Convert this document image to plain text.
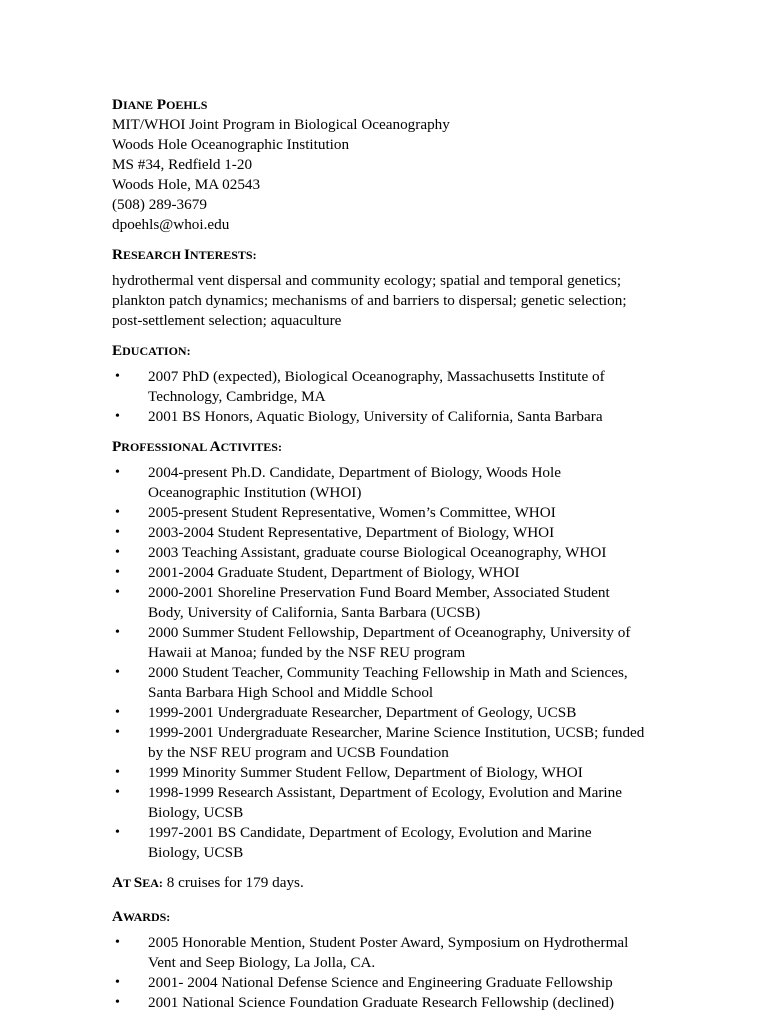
DIANE POEHLS
MIT/WHOI Joint Program in Biological Oceanography
Woods Hole Oceanographic Institution
MS #34, Redfield 1-20
Woods Hole, MA 02543
(508) 289-3679
dpoehls@whoi.edu
RESEARCH INTERESTS:
hydrothermal vent dispersal and community ecology; spatial and temporal genetics;
plankton patch dynamics; mechanisms of and barriers to dispersal; genetic selection;
post-settlement selection; aquaculture
EDUCATION:
• 2007 PhD (expected), Biological Oceanography, Massachusetts Institute of
Technology, Cambridge, MA
• 2001 BS Honors, Aquatic Biology, University of California, Santa Barbara
PROFESSIONAL ACTIVITES:
• 2004-present Ph.D. Candidate, Department of Biology, Woods Hole
Oceanographic Institution (WHOI)
• 2005-present Student Representative, Women’s Committee, WHOI
• 2003-2004 Student Representative, Department of Biology, WHOI
• 2003 Teaching Assistant, graduate course Biological Oceanography, WHOI
• 2001-2004 Graduate Student, Department of Biology, WHOI
• 2000-2001 Shoreline Preservation Fund Board Member, Associated Student
Body, University of California, Santa Barbara (UCSB)
• 2000 Summer Student Fellowship, Department of Oceanography, University of
Hawaii at Manoa; funded by the NSF REU program
• 2000 Student Teacher, Community Teaching Fellowship in Math and Sciences,
Santa Barbara High School and Middle School
• 1999-2001 Undergraduate Researcher, Department of Geology, UCSB
• 1999-2001 Undergraduate Researcher, Marine Science Institution, UCSB; funded
by the NSF REU program and UCSB Foundation
• 1999 Minority Summer Student Fellow, Department of Biology, WHOI
• 1998-1999 Research Assistant, Department of Ecology, Evolution and Marine
Biology, UCSB
• 1997-2001 BS Candidate, Department of Ecology, Evolution and Marine
Biology, UCSB
AT SEA: 8 cruises for 179 days.
AWARDS:
• 2005 Honorable Mention, Student Poster Award, Symposium on Hydrothermal
Vent and Seep Biology, La Jolla, CA.
• 2001- 2004 National Defense Science and Engineering Graduate Fellowship
• 2001 National Science Foundation Graduate Research Fellowship (declined)
